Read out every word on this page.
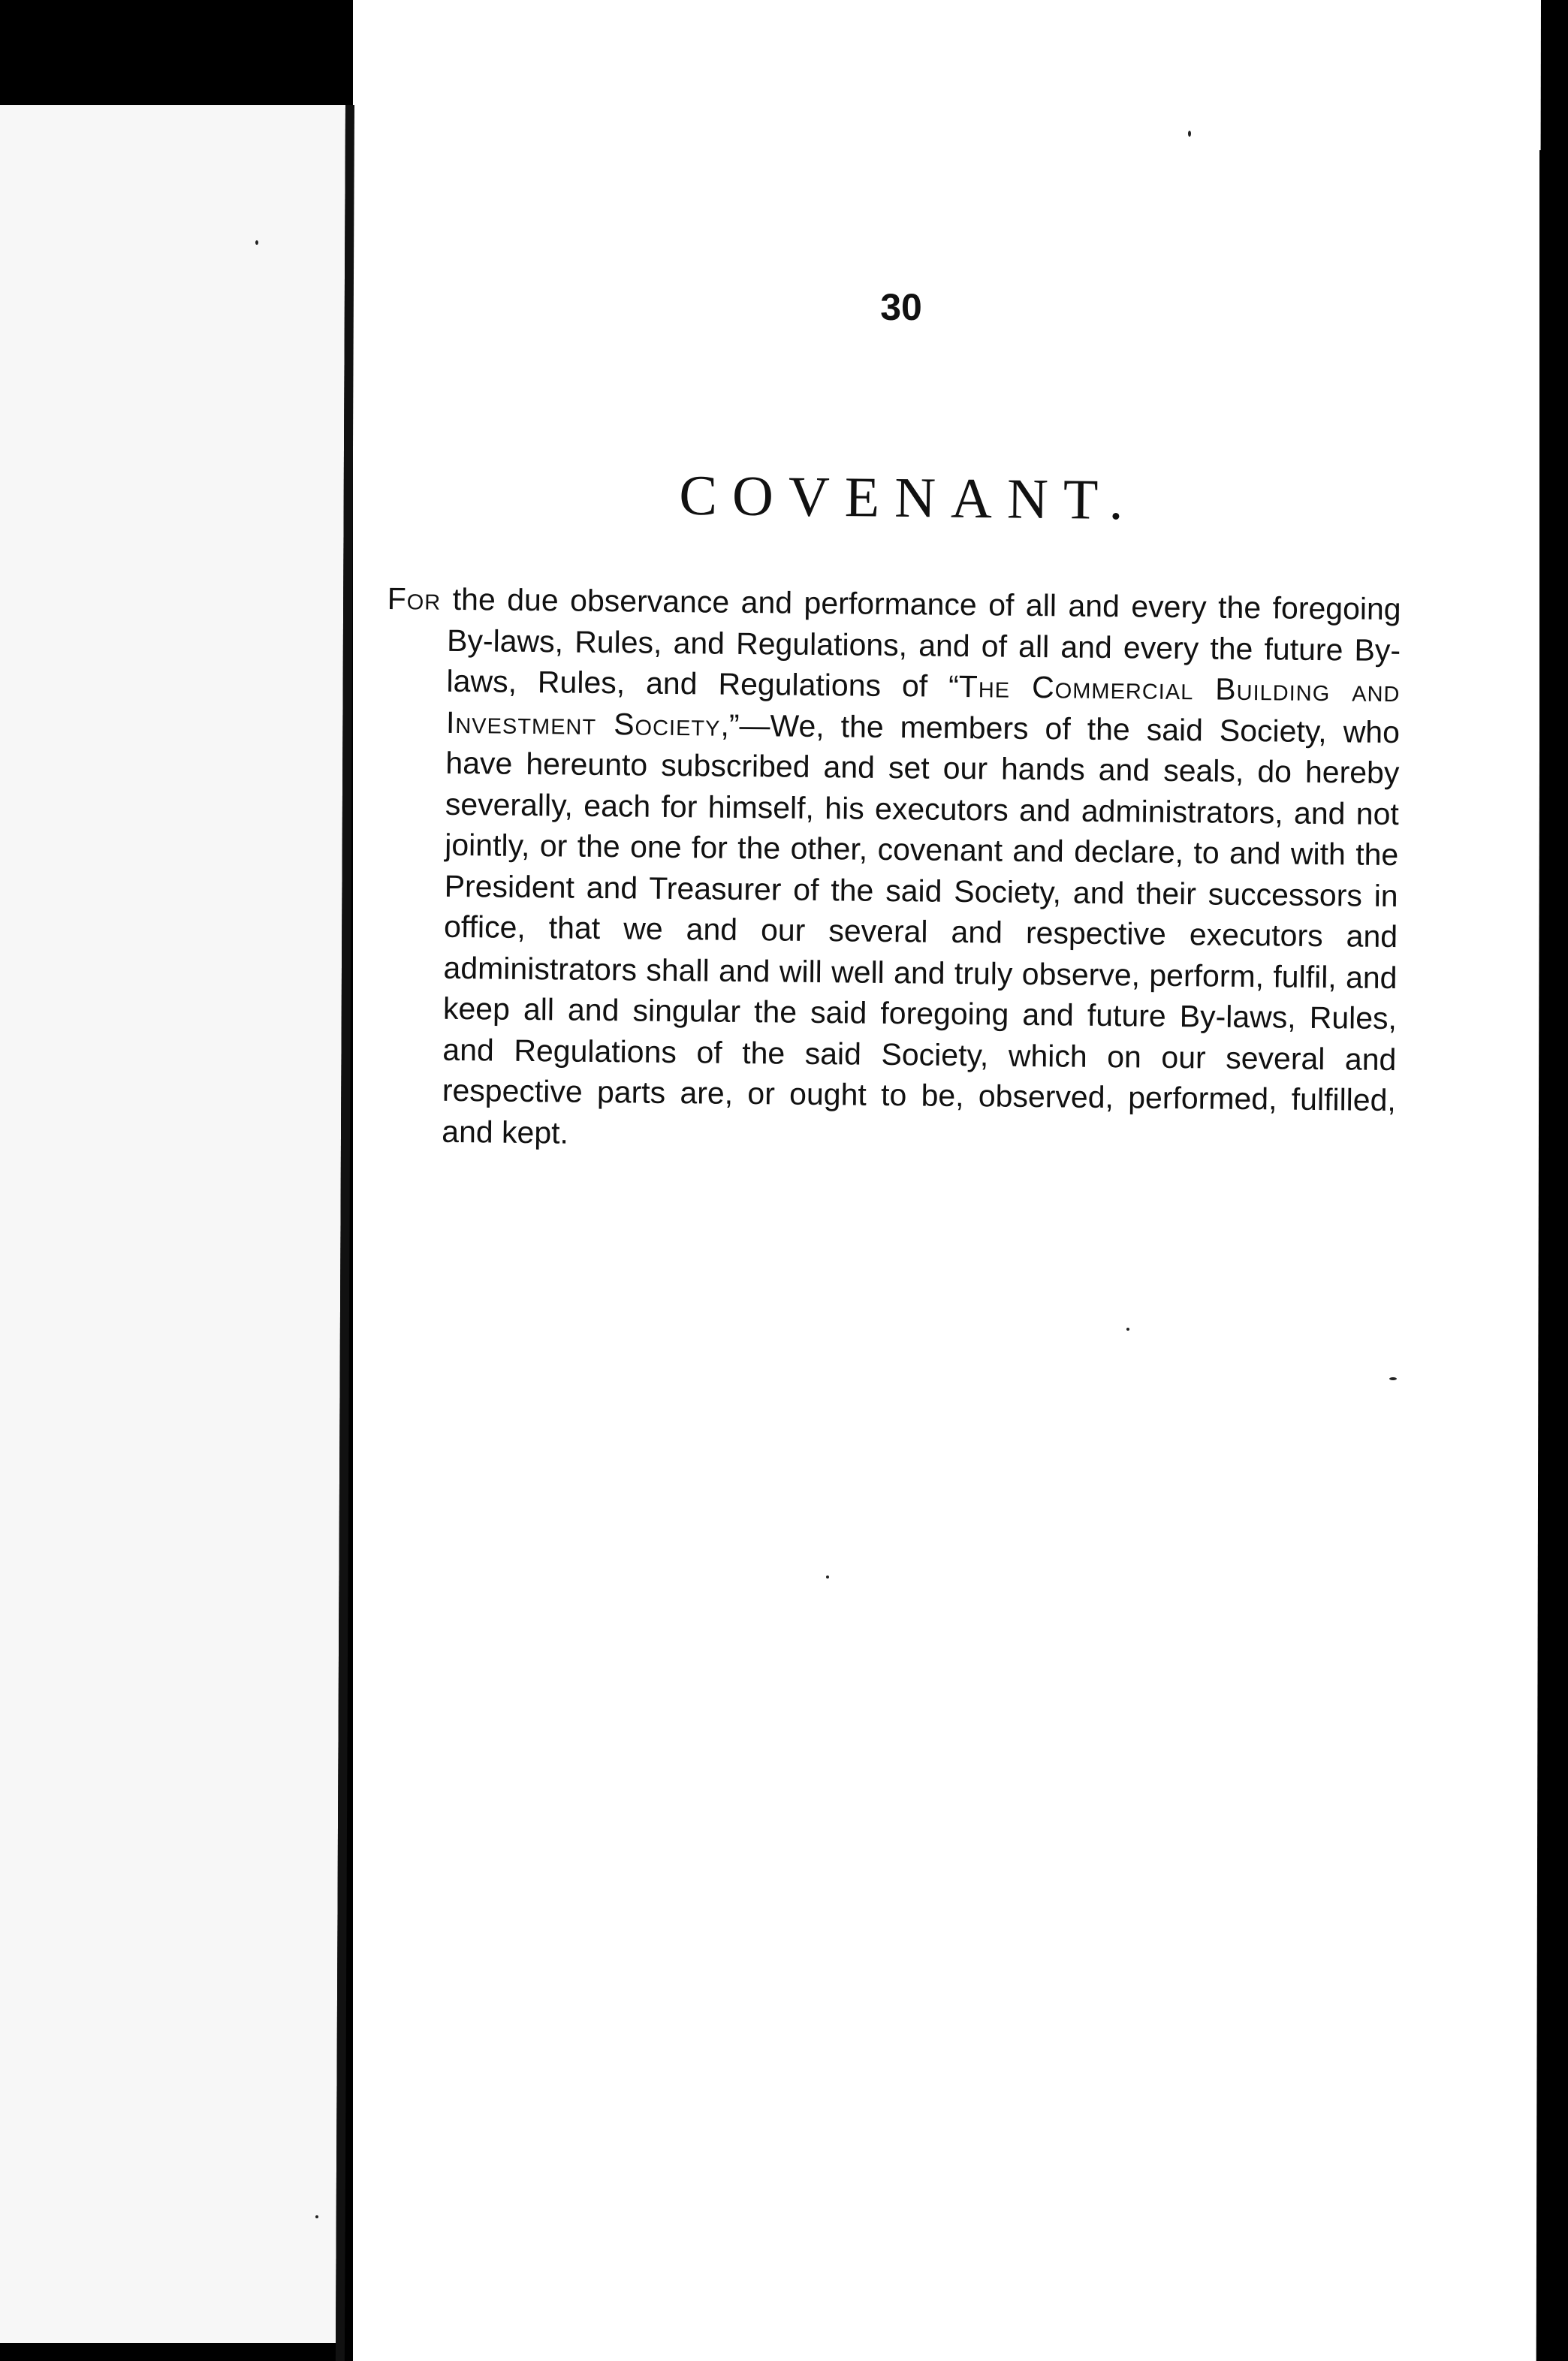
30
COVENANT.

For the due observance and performance of all and every the foregoing By-laws, Rules, and Regulations, and of all and every the future By-laws, Rules, and Regulations of “The Commercial Building and Investment Society,”—We, the members of the said Society, who have hereunto subscribed and set our hands and seals, do hereby severally, each for himself, his executors and administrators, and not jointly, or the one for the other, covenant and declare, to and with the President and Treasurer of the said Society, and their successors in office, that we and our several and respective executors and administrators shall and will well and truly observe, perform, fulfil, and keep all and singular the said foregoing and future By-laws, Rules, and Regulations of the said Society, which on our several and respective parts are, or ought to be, observed, performed, fulfilled, and kept.
